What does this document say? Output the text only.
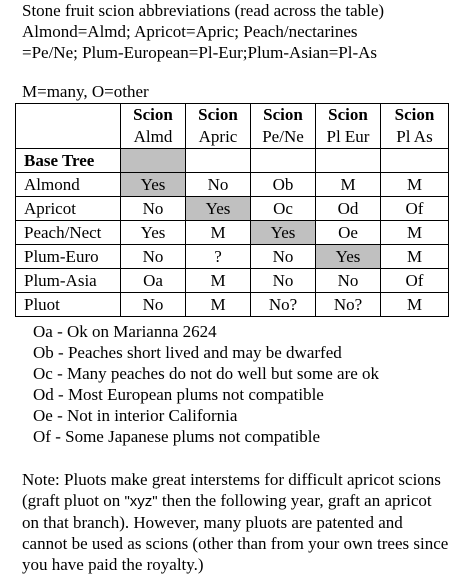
Stone fruit scion abbreviations (read across the table)

Almond=Almd; Apricot=Apric; Peach/nectarines

=Pe/Ne; Plum-European=Pl-Eur;Plum-Asian=Pl-As

M=many, O=other
	Scion	Scion	Scion	Scion	Scion
	Almd	Apric	Pe/Ne	Pl Eur	Pl As
Base Tree					
Almond	Yes	No	Ob	M	M
Apricot	No	Yes	Oc	Od	Of
Peach/Nect	Yes	M	Yes	Oe	M
Plum-Euro	No	?	No	Yes	M
Plum-Asia	Oa	M	No	No	Of
Pluot	No	M	No?	No?	M
Oa - Ok on Marianna 2624
Ob - Peaches short lived and may be dwarfed
Oc - Many peaches do not do well but some are ok
Od - Most European plums not compatible
Oe - Not in interior California
Of - Some Japanese plums not compatible
Note: Pluots make great interstems for difficult apricot scions (graft pluot on "xyz" then the following year, graft an apricot on that branch). However, many pluots are patented and cannot be used as scions (other than from your own trees since you have paid the royalty.)
